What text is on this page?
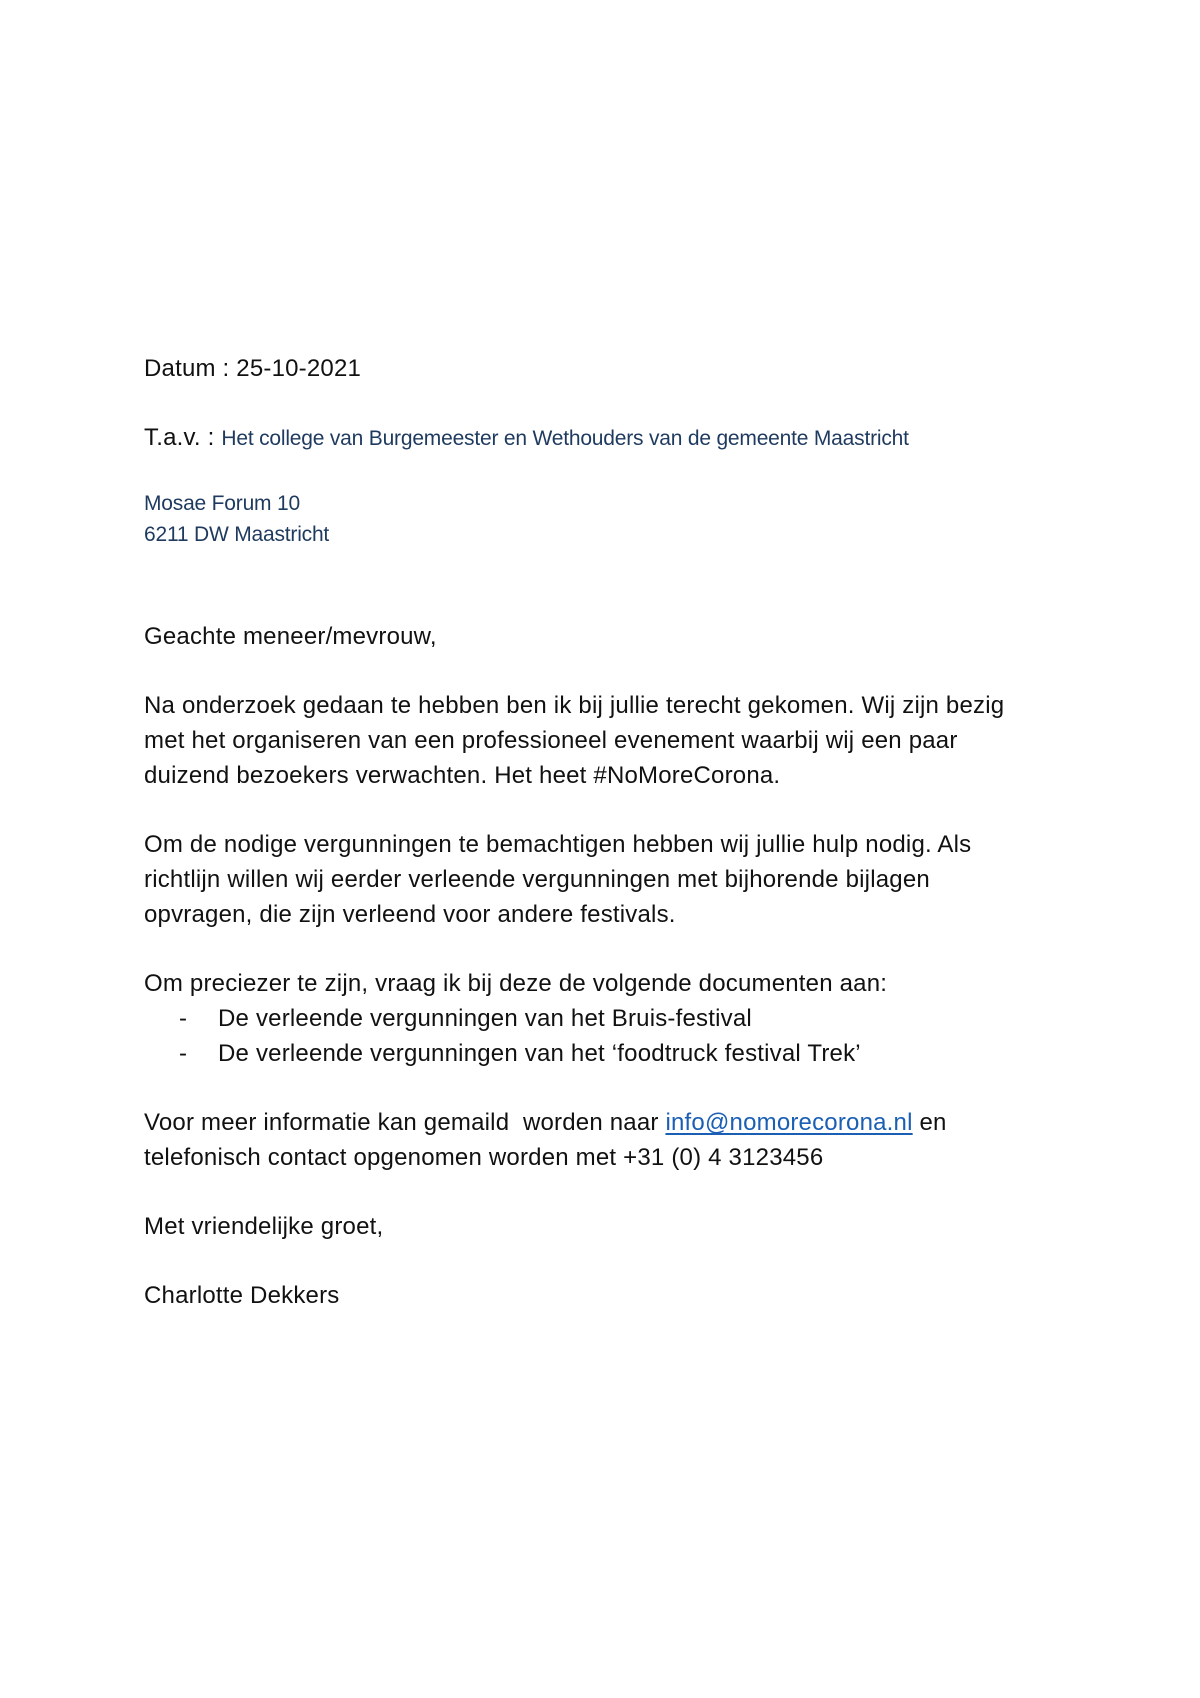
Datum : 25-10-2021
T.a.v. : Het college van Burgemeester en Wethouders van de gemeente Maastricht
Mosae Forum 10
6211 DW Maastricht
Geachte meneer/mevrouw,
Na onderzoek gedaan te hebben ben ik bij jullie terecht gekomen. Wij zijn bezig
met het organiseren van een professioneel evenement waarbij wij een paar
duizend bezoekers verwachten. Het heet #NoMoreCorona.
Om de nodige vergunningen te bemachtigen hebben wij jullie hulp nodig. Als
richtlijn willen wij eerder verleende vergunningen met bijhorende bijlagen
opvragen, die zijn verleend voor andere festivals.
Om preciezer te zijn, vraag ik bij deze de volgende documenten aan:
- De verleende vergunningen van het Bruis-festival
- De verleende vergunningen van het ‘foodtruck festival Trek’
Voor meer informatie kan gemaild  worden naar info@nomorecorona.nl en
telefonisch contact opgenomen worden met +31 (0) 4 3123456
Met vriendelijke groet,
Charlotte Dekkers
